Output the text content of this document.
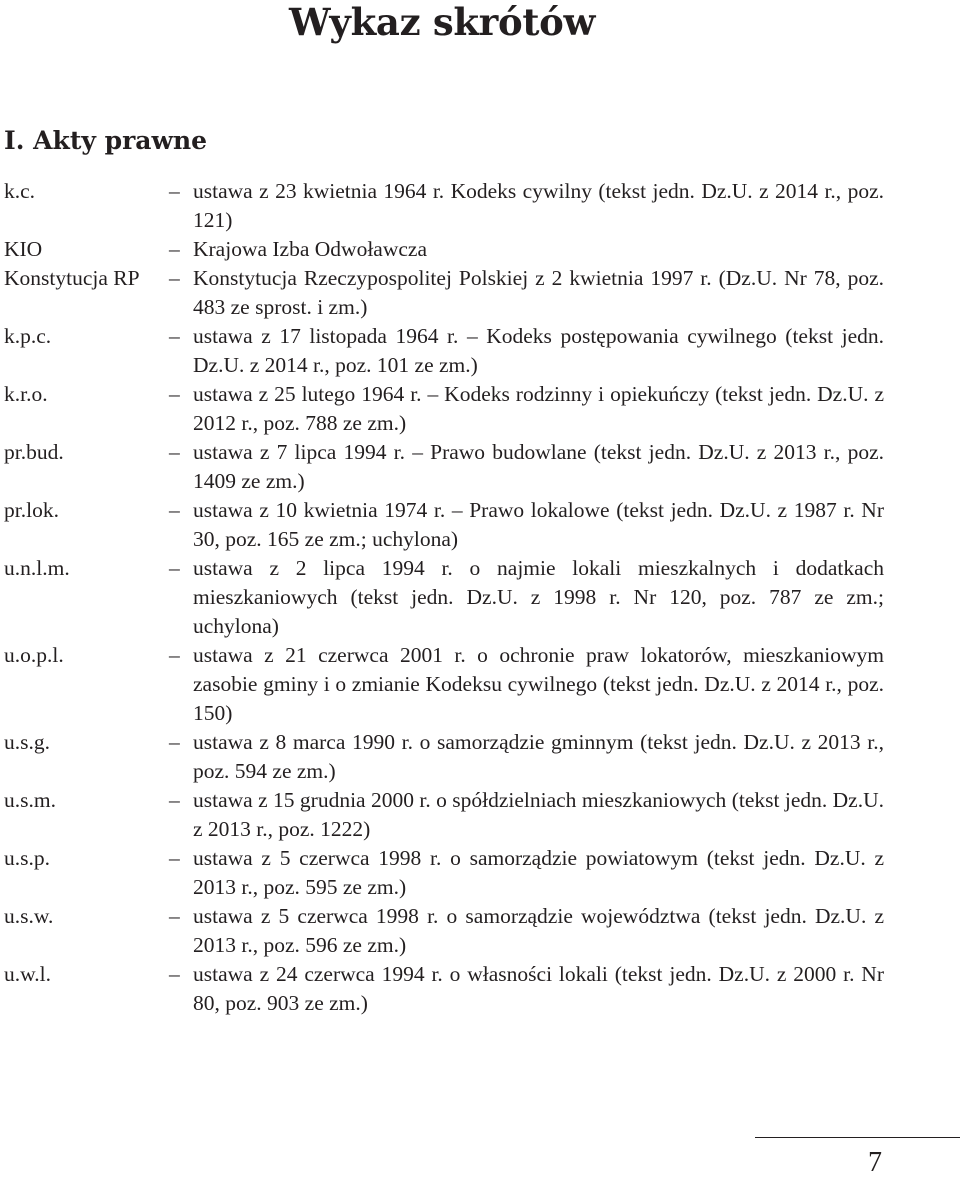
Wykaz skrótów
I. Akty prawne
k.c.	– ustawa z 23 kwietnia 1964 r. Kodeks cywilny (tekst jedn. Dz.U. z 2014 r., poz. 121)
KIO	– Krajowa Izba Odwoławcza
Konstytucja RP	– Konstytucja Rzeczypospolitej Polskiej z 2 kwietnia 1997 r. (Dz.U. Nr 78, poz. 483 ze sprost. i zm.)
k.p.c.	– ustawa z 17 listopada 1964 r. – Kodeks postępowania cywilnego (tekst jedn. Dz.U. z 2014 r., poz. 101 ze zm.)
k.r.o.	– ustawa z 25 lutego 1964 r. – Kodeks rodzinny i opiekuńczy (tekst jedn. Dz.U. z 2012 r., poz. 788 ze zm.)
pr.bud.	– ustawa z 7 lipca 1994 r. – Prawo budowlane (tekst jedn. Dz.U. z 2013 r., poz. 1409 ze zm.)
pr.lok.	– ustawa z 10 kwietnia 1974 r. – Prawo lokalowe (tekst jedn. Dz.U. z 1987 r. Nr 30, poz. 165 ze zm.; uchylona)
u.n.l.m.	– ustawa z 2 lipca 1994 r. o najmie lokali mieszkalnych i dodatkach mieszkaniowych (tekst jedn. Dz.U. z 1998 r. Nr 120, poz. 787 ze zm.; uchylona)
u.o.p.l.	– ustawa z 21 czerwca 2001 r. o ochronie praw lokatorów, mieszkaniowym zasobie gminy i o zmianie Kodeksu cywilnego (tekst jedn. Dz.U. z 2014 r., poz. 150)
u.s.g.	– ustawa z 8 marca 1990 r. o samorządzie gminnym (tekst jedn. Dz.U. z 2013 r., poz. 594 ze zm.)
u.s.m.	– ustawa z 15 grudnia 2000 r. o spółdzielniach mieszkaniowych (tekst jedn. Dz.U. z 2013 r., poz. 1222)
u.s.p.	– ustawa z 5 czerwca 1998 r. o samorządzie powiatowym (tekst jedn. Dz.U. z 2013 r., poz. 595 ze zm.)
u.s.w.	– ustawa z 5 czerwca 1998 r. o samorządzie województwa (tekst jedn. Dz.U. z 2013 r., poz. 596 ze zm.)
u.w.l.	– ustawa z 24 czerwca 1994 r. o własności lokali (tekst jedn. Dz.U. z 2000 r. Nr 80, poz. 903 ze zm.)
7
